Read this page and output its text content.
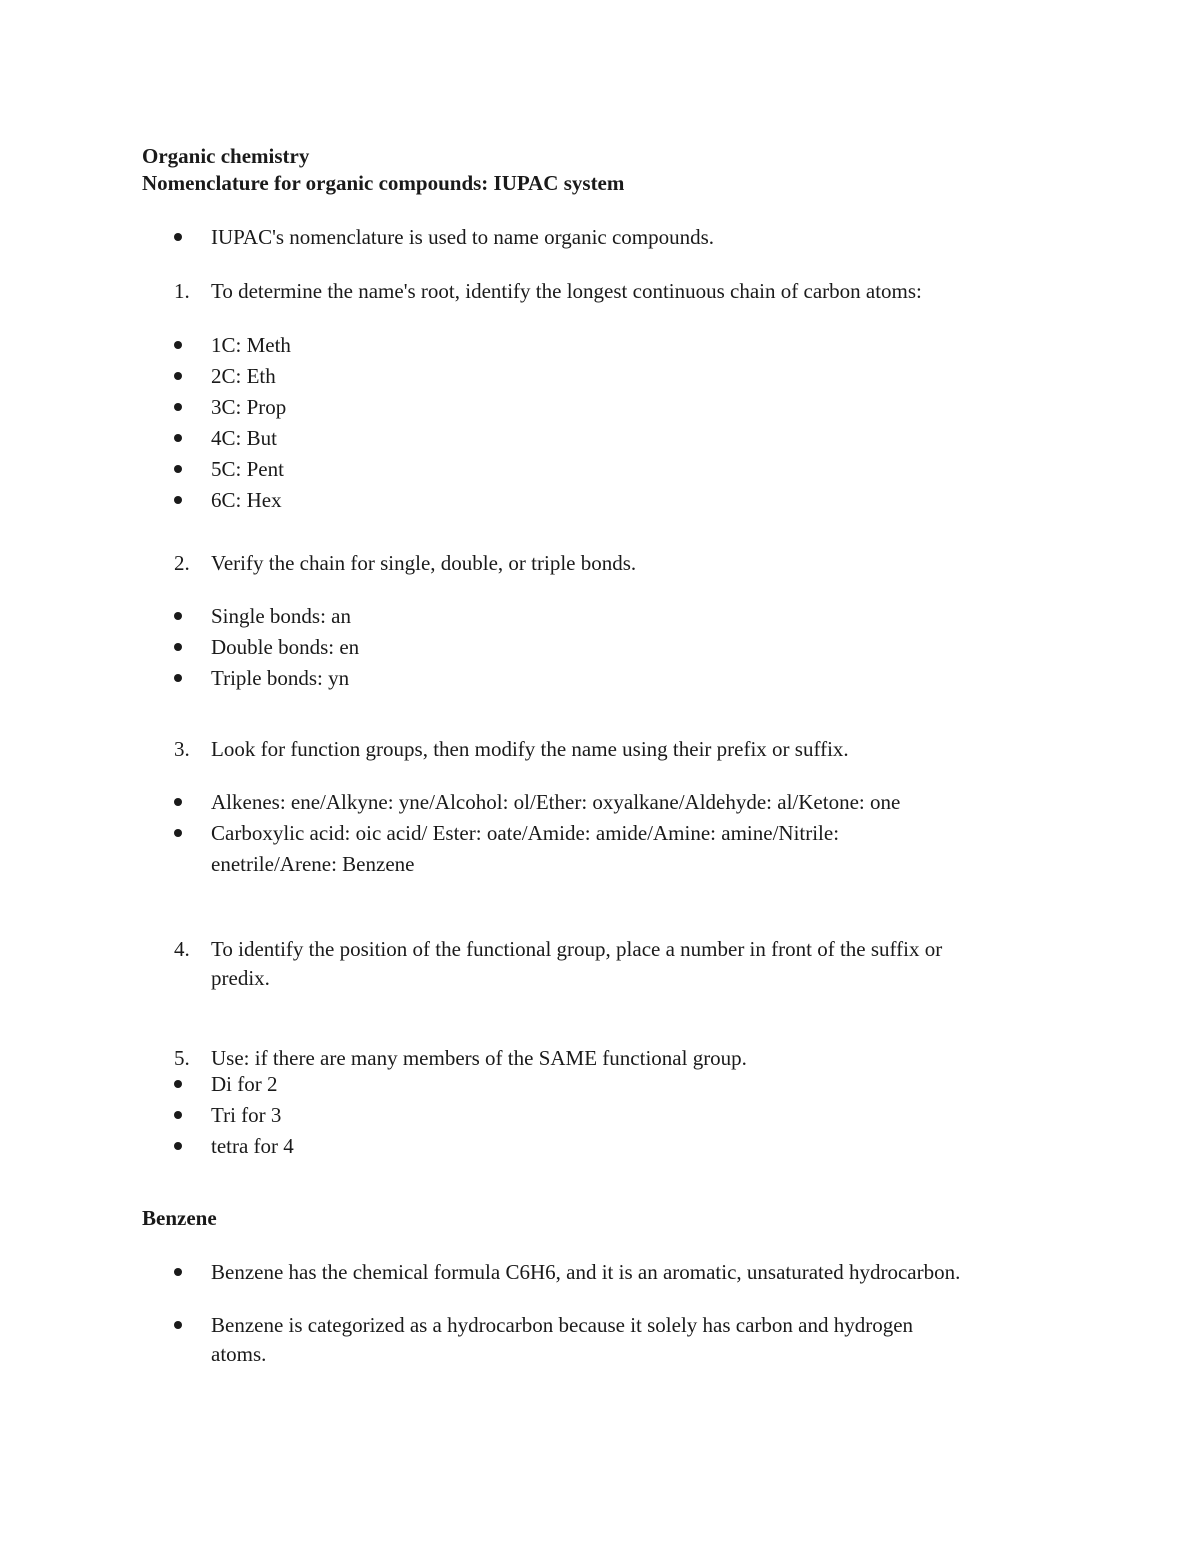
Organic chemistry
Nomenclature for organic compounds: IUPAC system
IUPAC's nomenclature is used to name organic compounds.
1. To determine the name's root, identify the longest continuous chain of carbon atoms:
1C: Meth
2C: Eth
3C: Prop
4C: But
5C: Pent
6C: Hex
2. Verify the chain for single, double, or triple bonds.
Single bonds: an
Double bonds: en
Triple bonds: yn
3. Look for function groups, then modify the name using their prefix or suffix.
Alkenes: ene/Alkyne: yne/Alcohol: ol/Ether: oxyalkane/Aldehyde: al/Ketone: one
Carboxylic acid: oic acid/ Ester: oate/Amide: amide/Amine: amine/Nitrile:
enetrile/Arene: Benzene
4. To identify the position of the functional group, place a number in front of the suffix or
predix.
5. Use: if there are many members of the SAME functional group.
Di for 2
Tri for 3
tetra for 4
Benzene
Benzene has the chemical formula C6H6, and it is an aromatic, unsaturated hydrocarbon.
Benzene is categorized as a hydrocarbon because it solely has carbon and hydrogen
atoms.
